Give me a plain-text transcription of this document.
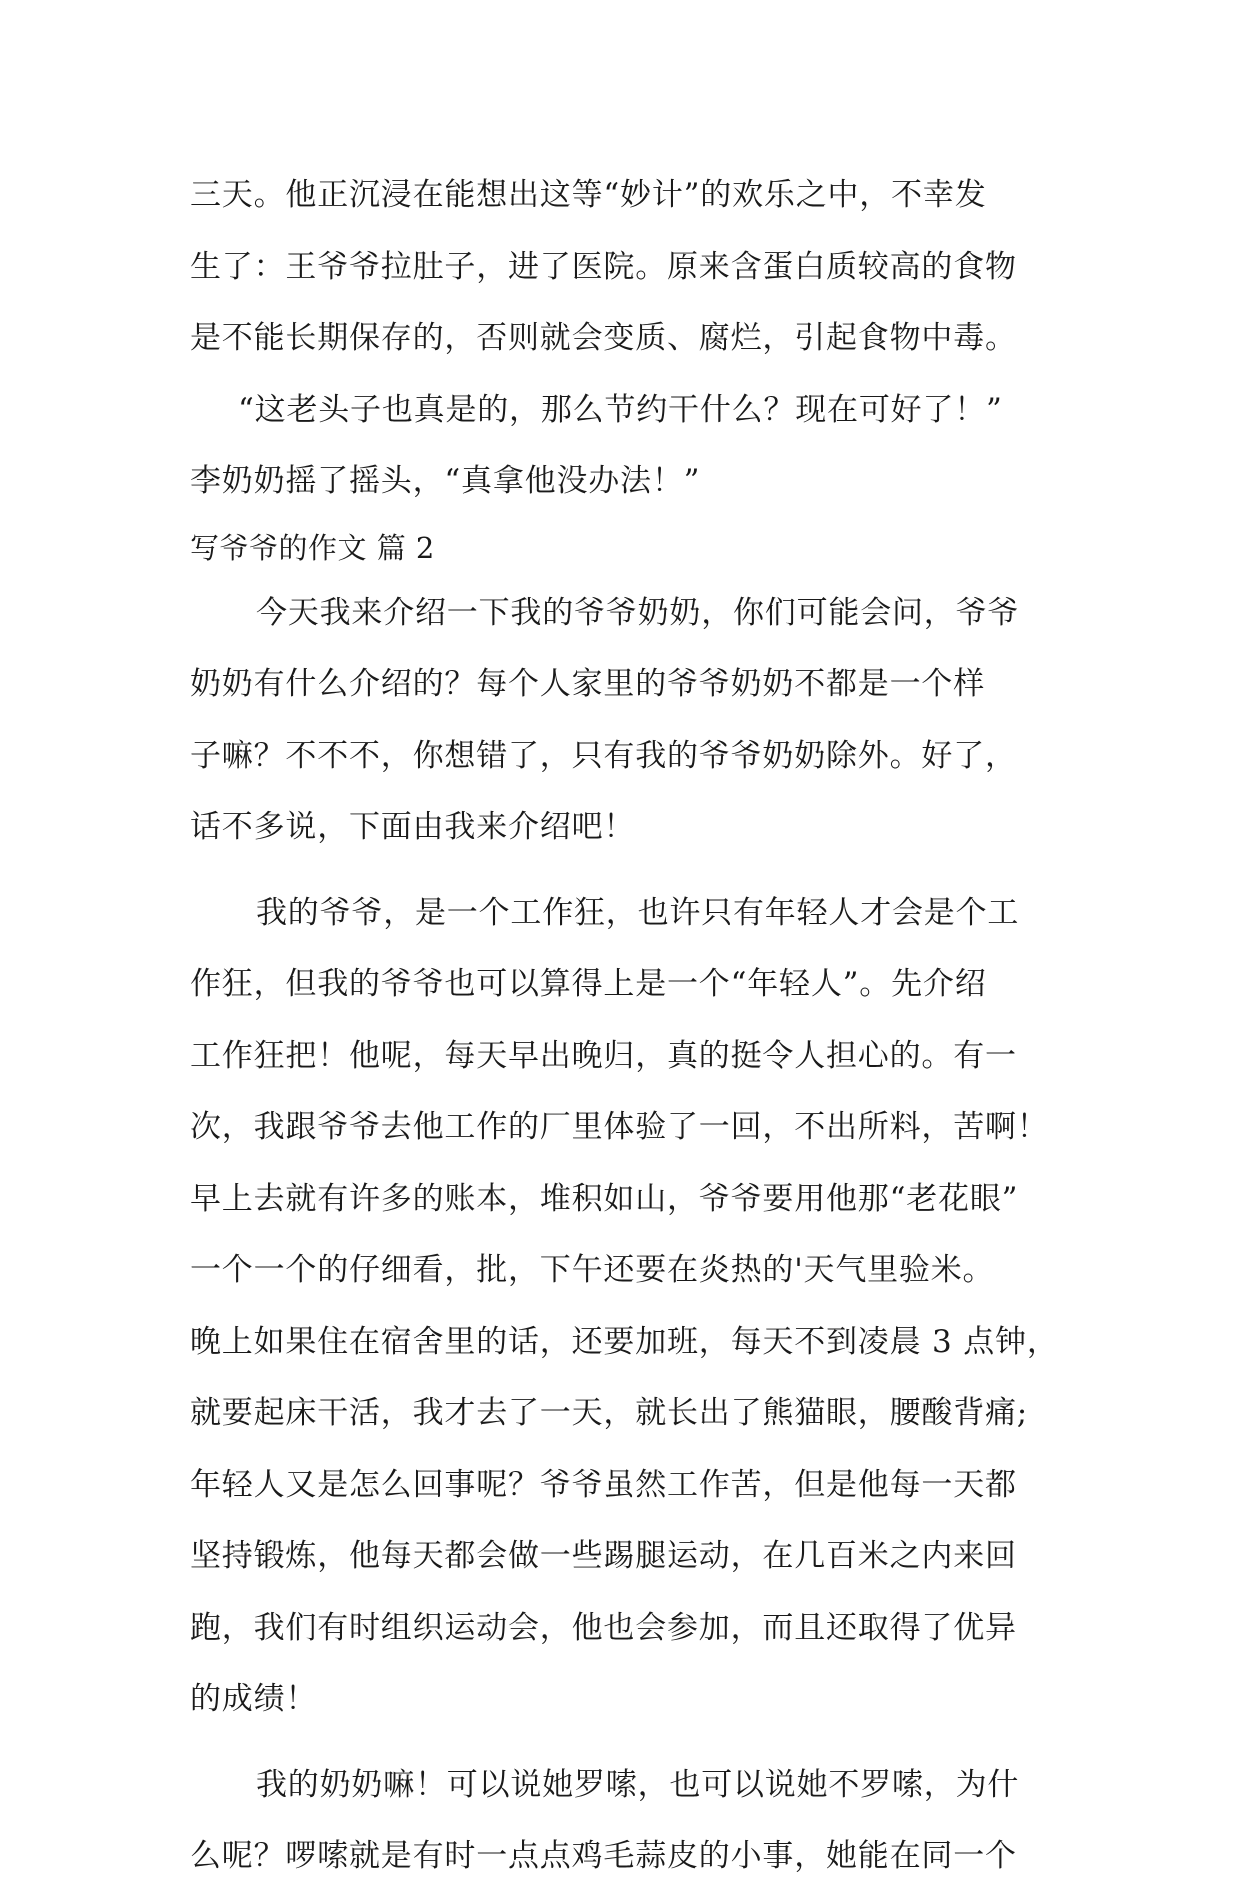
三天。他正沉浸在能想出这等“妙计”的欢乐之中，不幸发
生了：王爷爷拉肚子，进了医院。原来含蛋白质较高的食物
是不能长期保存的，否则就会变质、腐烂，引起食物中毒。
“这老头子也真是的，那么节约干什么？现在可好了！”
李奶奶摇了摇头，“真拿他没办法！”
写爷爷的作文 篇 2
今天我来介绍一下我的爷爷奶奶，你们可能会问，爷爷
奶奶有什么介绍的？每个人家里的爷爷奶奶不都是一个样
子嘛？不不不，你想错了，只有我的爷爷奶奶除外。好了，
话不多说，下面由我来介绍吧！
我的爷爷，是一个工作狂，也许只有年轻人才会是个工
作狂，但我的爷爷也可以算得上是一个“年轻人”。先介绍
工作狂把！他呢，每天早出晚归，真的挺令人担心的。有一
次，我跟爷爷去他工作的厂里体验了一回，不出所料，苦啊！
早上去就有许多的账本，堆积如山，爷爷要用他那“老花眼”
一个一个的仔细看，批，下午还要在炎热的'天气里验米。
晚上如果住在宿舍里的话，还要加班，每天不到凌晨 3 点钟，
就要起床干活，我才去了一天，就长出了熊猫眼，腰酸背痛;
年轻人又是怎么回事呢？爷爷虽然工作苦，但是他每一天都
坚持锻炼，他每天都会做一些踢腿运动，在几百米之内来回
跑，我们有时组织运动会，他也会参加，而且还取得了优异
的成绩！
我的奶奶嘛！可以说她罗嗦，也可以说她不罗嗦，为什
么呢？啰嗦就是有时一点点鸡毛蒜皮的小事，她能在同一个
